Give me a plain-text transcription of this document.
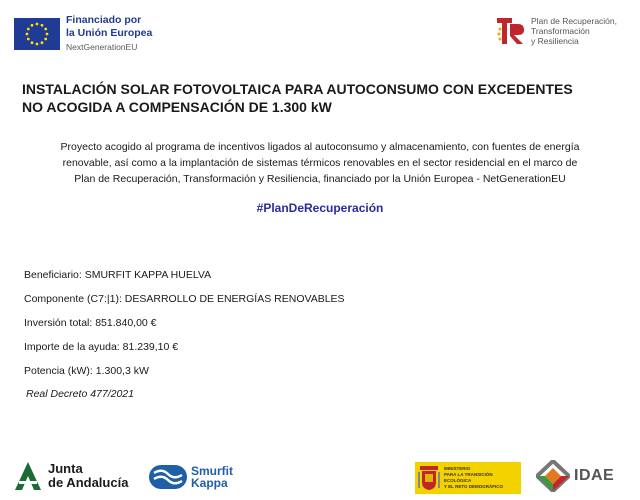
Financiado por
la Unión Europea
NextGenerationEU
Plan de Recuperación,
Transformación
y Resiliencia
INSTALACIÓN SOLAR FOTOVOLTAICA PARA AUTOCONSUMO CON EXCEDENTES
NO ACOGIDA A COMPENSACIÓN DE 1.300 kW
Proyecto acogido al programa de incentivos ligados al autoconsumo y almacenamiento, con fuentes de energía
renovable, así como a la implantación de sistemas térmicos renovables en el sector residencial en el marco de
Plan de Recuperación, Transformación y Resiliencia, financiado por la Unión Europea - NetGenerationEU
#PlanDeRecuperación
Beneficiario: SMURFIT KAPPA HUELVA
Componente (C7:|1): DESARROLLO DE ENERGÍAS RENOVABLES
Inversión total: 851.840,00 €
Importe de la ayuda: 81.239,10 €
Potencia (kW): 1.300,3 kW
Real Decreto 477/2021
Junta
de Andalucía
Smurfit
Kappa
MINISTERIO
PARA LA TRANSICIÓN ECOLÓGICA
Y EL RETO DEMOGRÁFICO
IDAE
